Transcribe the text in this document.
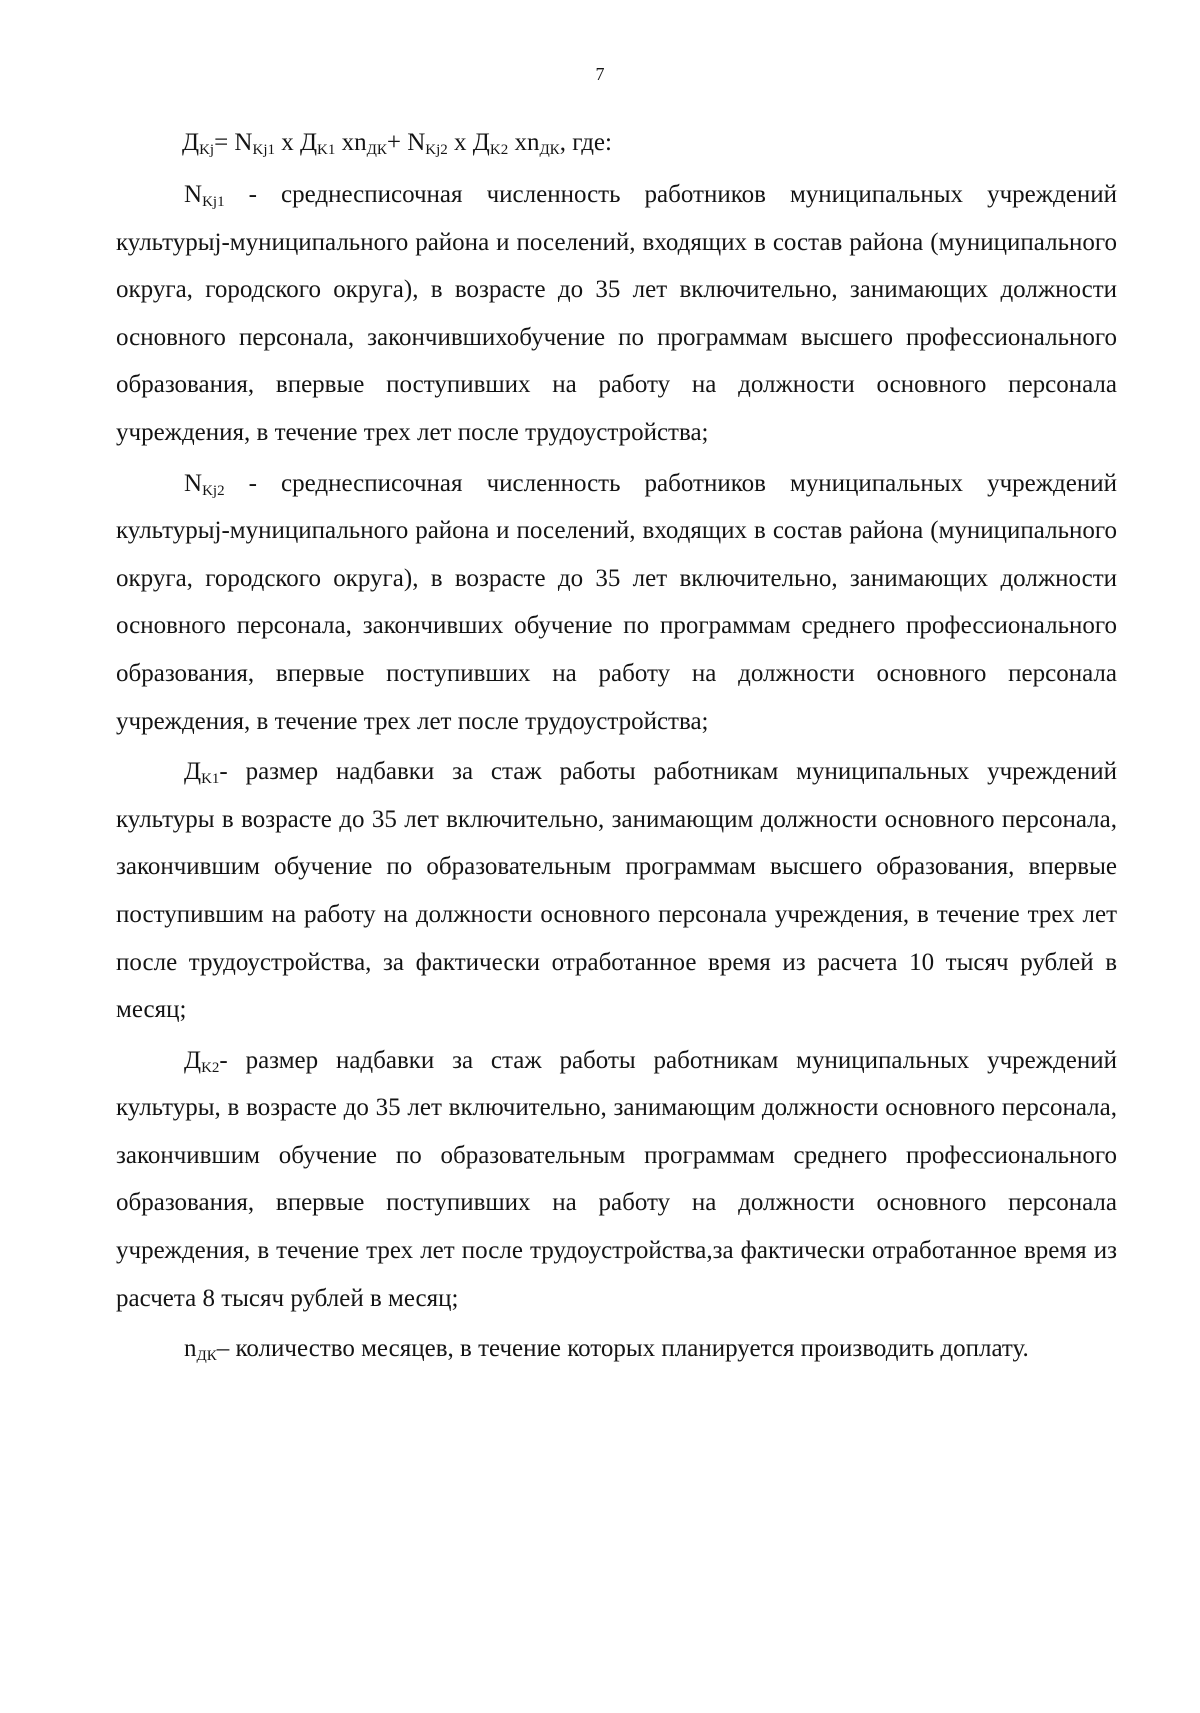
7

$Д_{Kj}= N_{Kj1}$ x $Д_{K1}$ $xn_{ДК}+ N_{Kj2}$ x $Д_{K2}$ $xn_{ДК}$, где:

$N_{Kj1}$ - среднесписочная численность работников муниципальных учреждений культурыj-муниципального района и поселений, входящих в состав района (муниципального округа, городского округа), в возрасте до 35 лет включительно, занимающих должности основного персонала, закончившихобучение по программам высшего профессионального образования, впервые поступивших на работу на должности основного персонала учреждения, в течение трех лет после трудоустройства;

$N_{Kj2}$ - среднесписочная численность работников муниципальных учреждений культурыj-муниципального района и поселений, входящих в состав района (муниципального округа, городского округа), в возрасте до 35 лет включительно, занимающих должности основного персонала, закончивших обучение по программам среднего профессионального образования, впервые поступивших на работу на должности основного персонала учреждения, в течение трех лет после трудоустройства;

$Д_{K1}-$ размер надбавки за стаж работы работникам муниципальных учреждений культуры в возрасте до 35 лет включительно, занимающим должности основного персонала, закончившим обучение по образовательным программам высшего образования, впервые поступившим на работу на должности основного персонала учреждения, в течение трех лет после трудоустройства, за фактически отработанное время из расчета 10 тысяч рублей в месяц;

$Д_{K2}-$ размер надбавки за стаж работы работникам муниципальных учреждений культуры, в возрасте до 35 лет включительно, занимающим должности основного персонала, закончившим обучение по образовательным программам среднего профессионального образования, впервые поступивших на работу на должности основного персонала учреждения, в течение трех лет после трудоустройства,за фактически отработанное время из расчета 8 тысяч рублей в месяц;

$n_{ДК}-$ количество месяцев, в течение которых планируется производить доплату.
